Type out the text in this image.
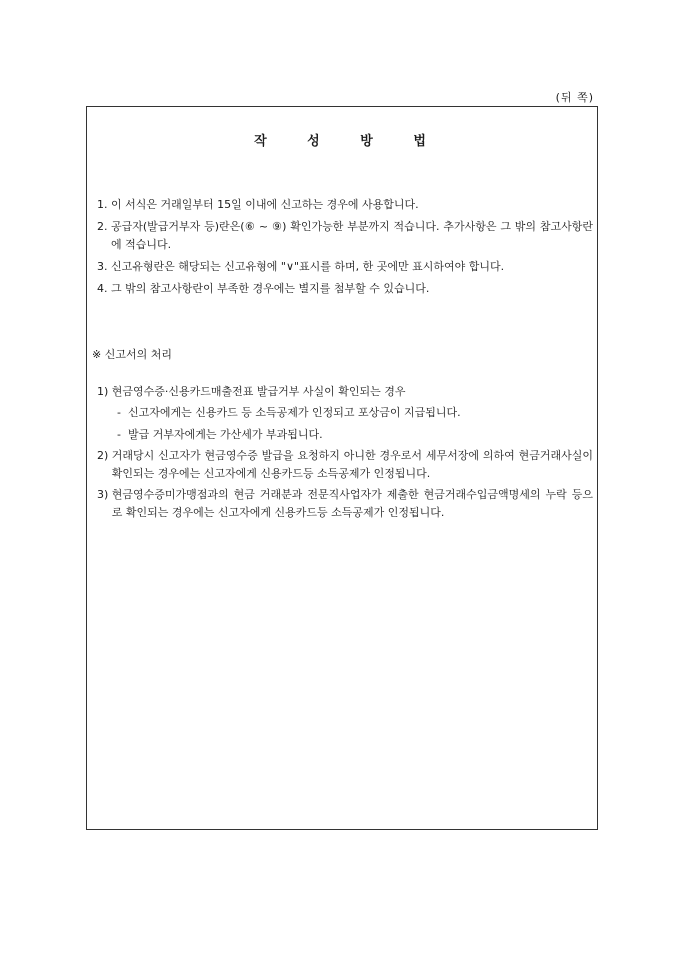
(뒤 쪽)
작 성 방 법
1.
이 서식은 거래일부터 15일 이내에 신고하는 경우에 사용합니다.
2.
공급자(발급거부자 등)란은(⑥ ~ ⑨) 확인가능한 부분까지 적습니다. 추가사항은 그 밖의 참고사항란에 적습니다.
3.
신고유형란은 해당되는 신고유형에 "∨"표시를 하며, 한 곳에만 표시하여야 합니다.
4.
그 밖의 참고사항란이 부족한 경우에는 별지를 첨부할 수 있습니다.
※ 신고서의 처리
1)
현금영수증·신용카드매출전표 발급거부 사실이 확인되는 경우
-
신고자에게는 신용카드 등 소득공제가 인정되고 포상금이 지급됩니다.
-
발급 거부자에게는 가산세가 부과됩니다.
2)
거래당시 신고자가 현금영수증 발급을 요청하지 아니한 경우로서 세무서장에 의하여 현금거래사실이 확인되는 경우에는 신고자에게 신용카드등 소득공제가 인정됩니다.
3)
현금영수증미가맹점과의 현금 거래분과 전문직사업자가 제출한 현금거래수입금액명세의 누락 등으로 확인되는 경우에는 신고자에게 신용카드등 소득공제가 인정됩니다.
